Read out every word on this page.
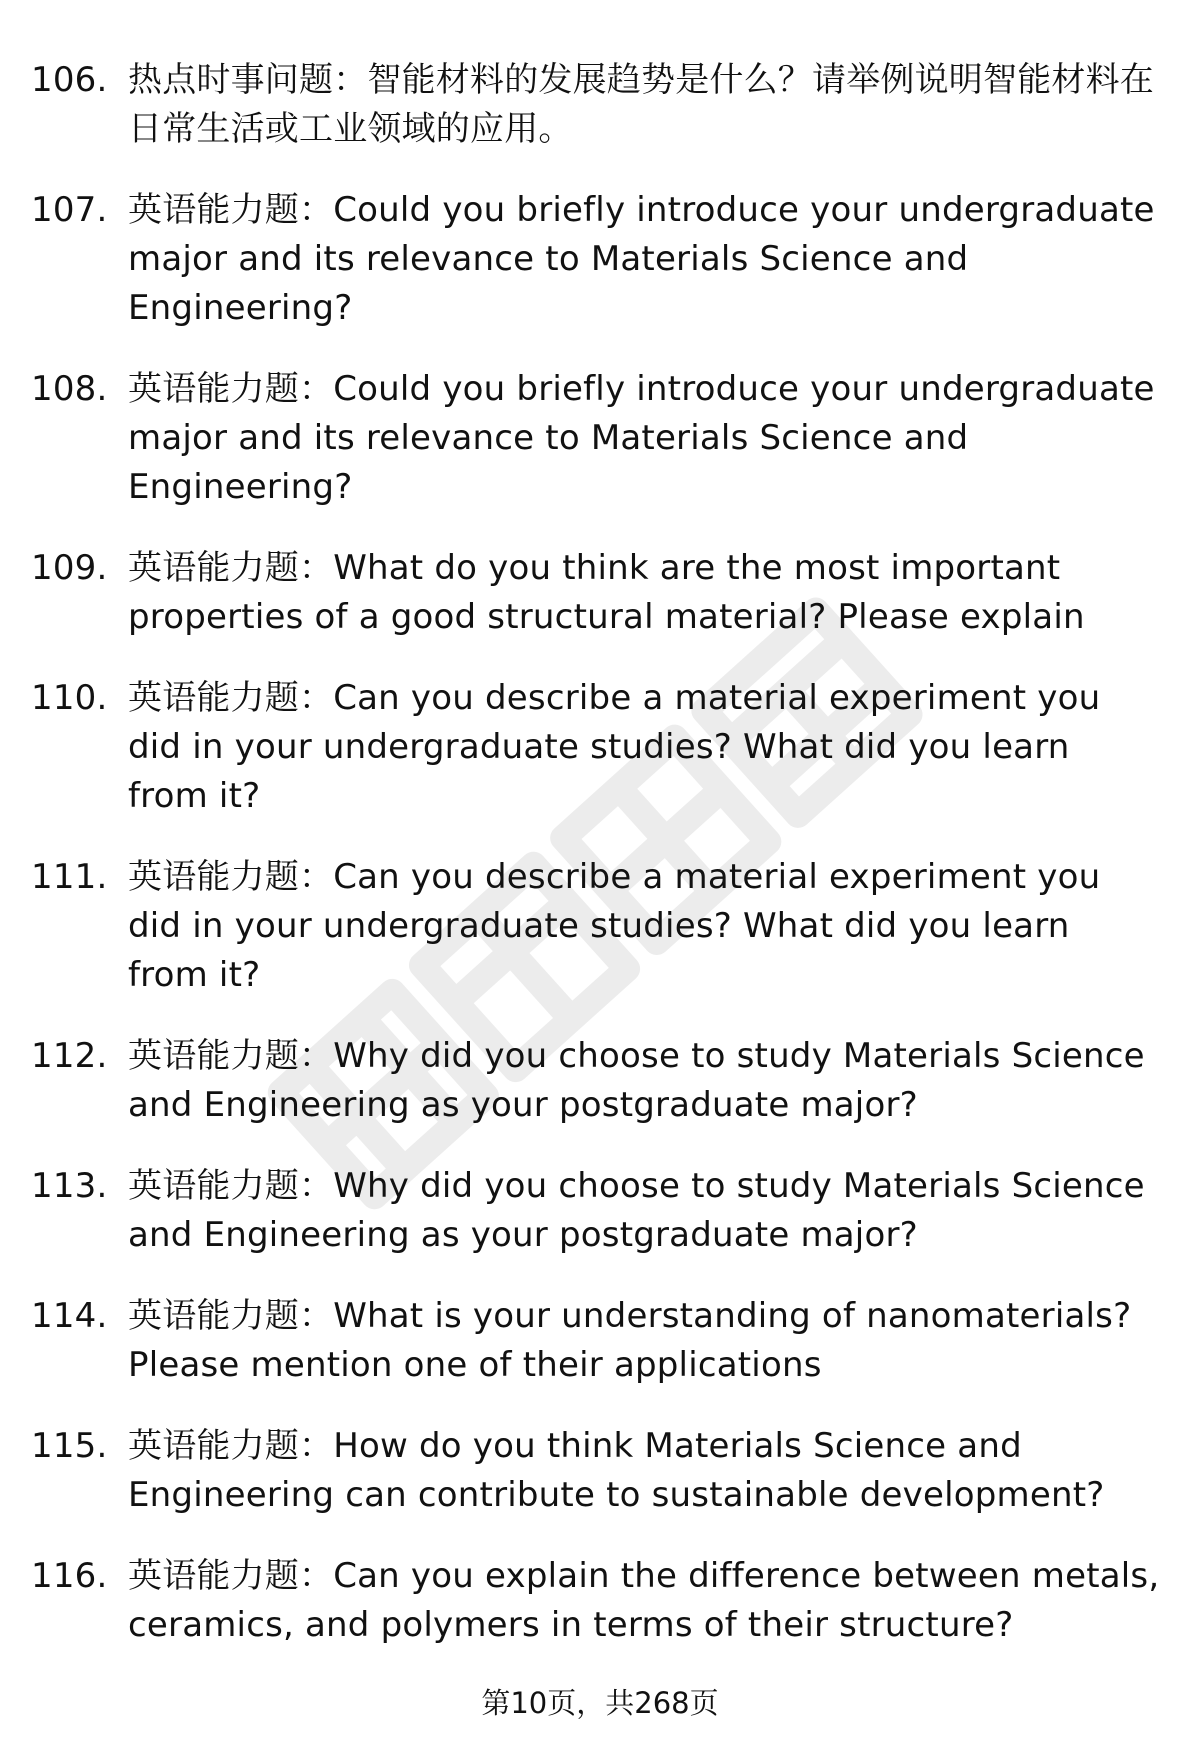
106. 热点时事问题：智能材料的发展趋势是什么？请举例说明智能材料在日常生活或工业领域的应用。
107. 英语能力题：Could you briefly introduce your undergraduate major and its relevance to Materials Science and Engineering?
108. 英语能力题：Could you briefly introduce your undergraduate major and its relevance to Materials Science and Engineering?
109. 英语能力题：What do you think are the most important properties of a good structural material? Please explain
110. 英语能力题：Can you describe a material experiment you did in your undergraduate studies? What did you learn from it?
111. 英语能力题：Can you describe a material experiment you did in your undergraduate studies? What did you learn from it?
112. 英语能力题：Why did you choose to study Materials Science and Engineering as your postgraduate major?
113. 英语能力题：Why did you choose to study Materials Science and Engineering as your postgraduate major?
114. 英语能力题：What is your understanding of nanomaterials? Please mention one of their applications
115. 英语能力题：How do you think Materials Science and Engineering can contribute to sustainable development?
116. 英语能力题：Can you explain the difference between metals, ceramics, and polymers in terms of their structure?
第10页，共268页
